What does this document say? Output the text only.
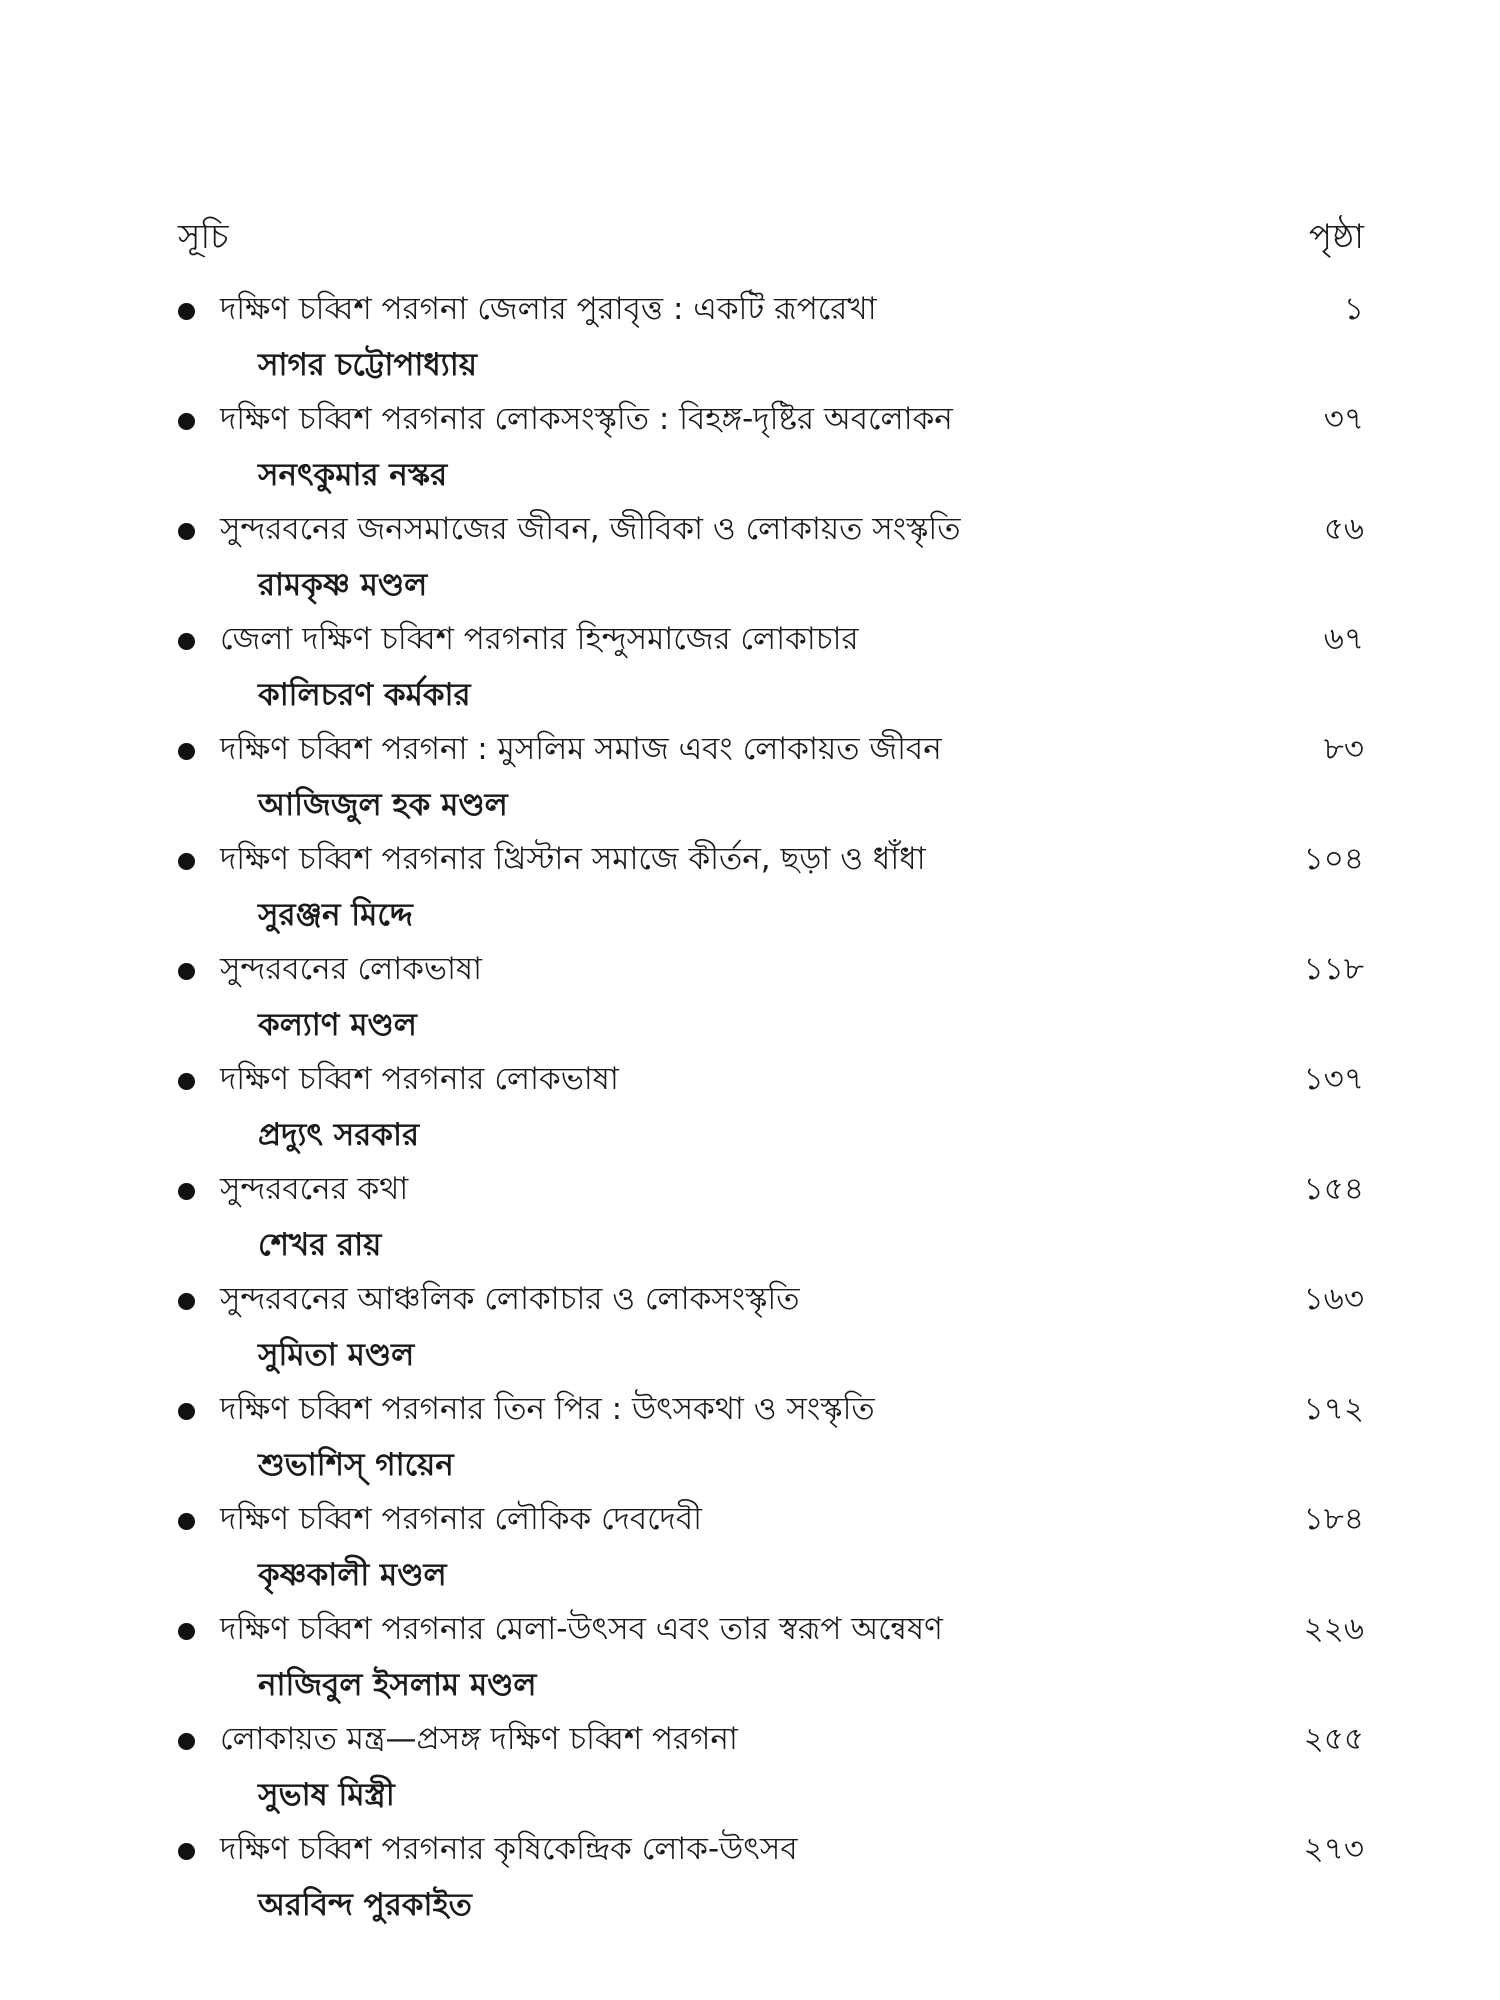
সূচি	পৃষ্ঠা
দক্ষিণ চব্বিশ পরগনা জেলার পুরাবৃত্ত : একটি রূপরেখা	১
সাগর চট্টোপাধ্যায়
দক্ষিণ চব্বিশ পরগনার লোকসংস্কৃতি : বিহঙ্গ-দৃষ্টির অবলোকন	৩৭
সনৎকুমার নস্কর
সুন্দরবনের জনসমাজের জীবন, জীবিকা ও লোকায়ত সংস্কৃতি	৫৬
রামকৃষ্ণ মণ্ডল
জেলা দক্ষিণ চব্বিশ পরগনার হিন্দুসমাজের লোকাচার	৬৭
কালিচরণ কর্মকার
দক্ষিণ চব্বিশ পরগনা : মুসলিম সমাজ এবং লোকায়ত জীবন	৮৩
আজিজুল হক মণ্ডল
দক্ষিণ চব্বিশ পরগনার খ্রিস্টান সমাজে কীর্তন, ছড়া ও ধাঁধা	১০৪
সুরঞ্জন মিদ্দে
সুন্দরবনের লোকভাষা	১১৮
কল্যাণ মণ্ডল
দক্ষিণ চব্বিশ পরগনার লোকভাষা	১৩৭
প্রদ্যুৎ সরকার
সুন্দরবনের কথা	১৫৪
শেখর রায়
সুন্দরবনের আঞ্চলিক লোকাচার ও লোকসংস্কৃতি	১৬৩
সুমিতা মণ্ডল
দক্ষিণ চব্বিশ পরগনার তিন পির : উৎসকথা ও সংস্কৃতি	১৭২
শুভাশিস্ গায়েন
দক্ষিণ চব্বিশ পরগনার লৌকিক দেবদেবী	১৮৪
কৃষ্ণকালী মণ্ডল
দক্ষিণ চব্বিশ পরগনার মেলা-উৎসব এবং তার স্বরূপ অন্বেষণ	২২৬
নাজিবুল ইসলাম মণ্ডল
লোকায়ত মন্ত্র—প্রসঙ্গ দক্ষিণ চব্বিশ পরগনা	২৫৫
সুভাষ মিস্ত্রী
দক্ষিণ চব্বিশ পরগনার কৃষিকেন্দ্রিক লোক-উৎসব	২৭৩
অরবিন্দ পুরকাইত
